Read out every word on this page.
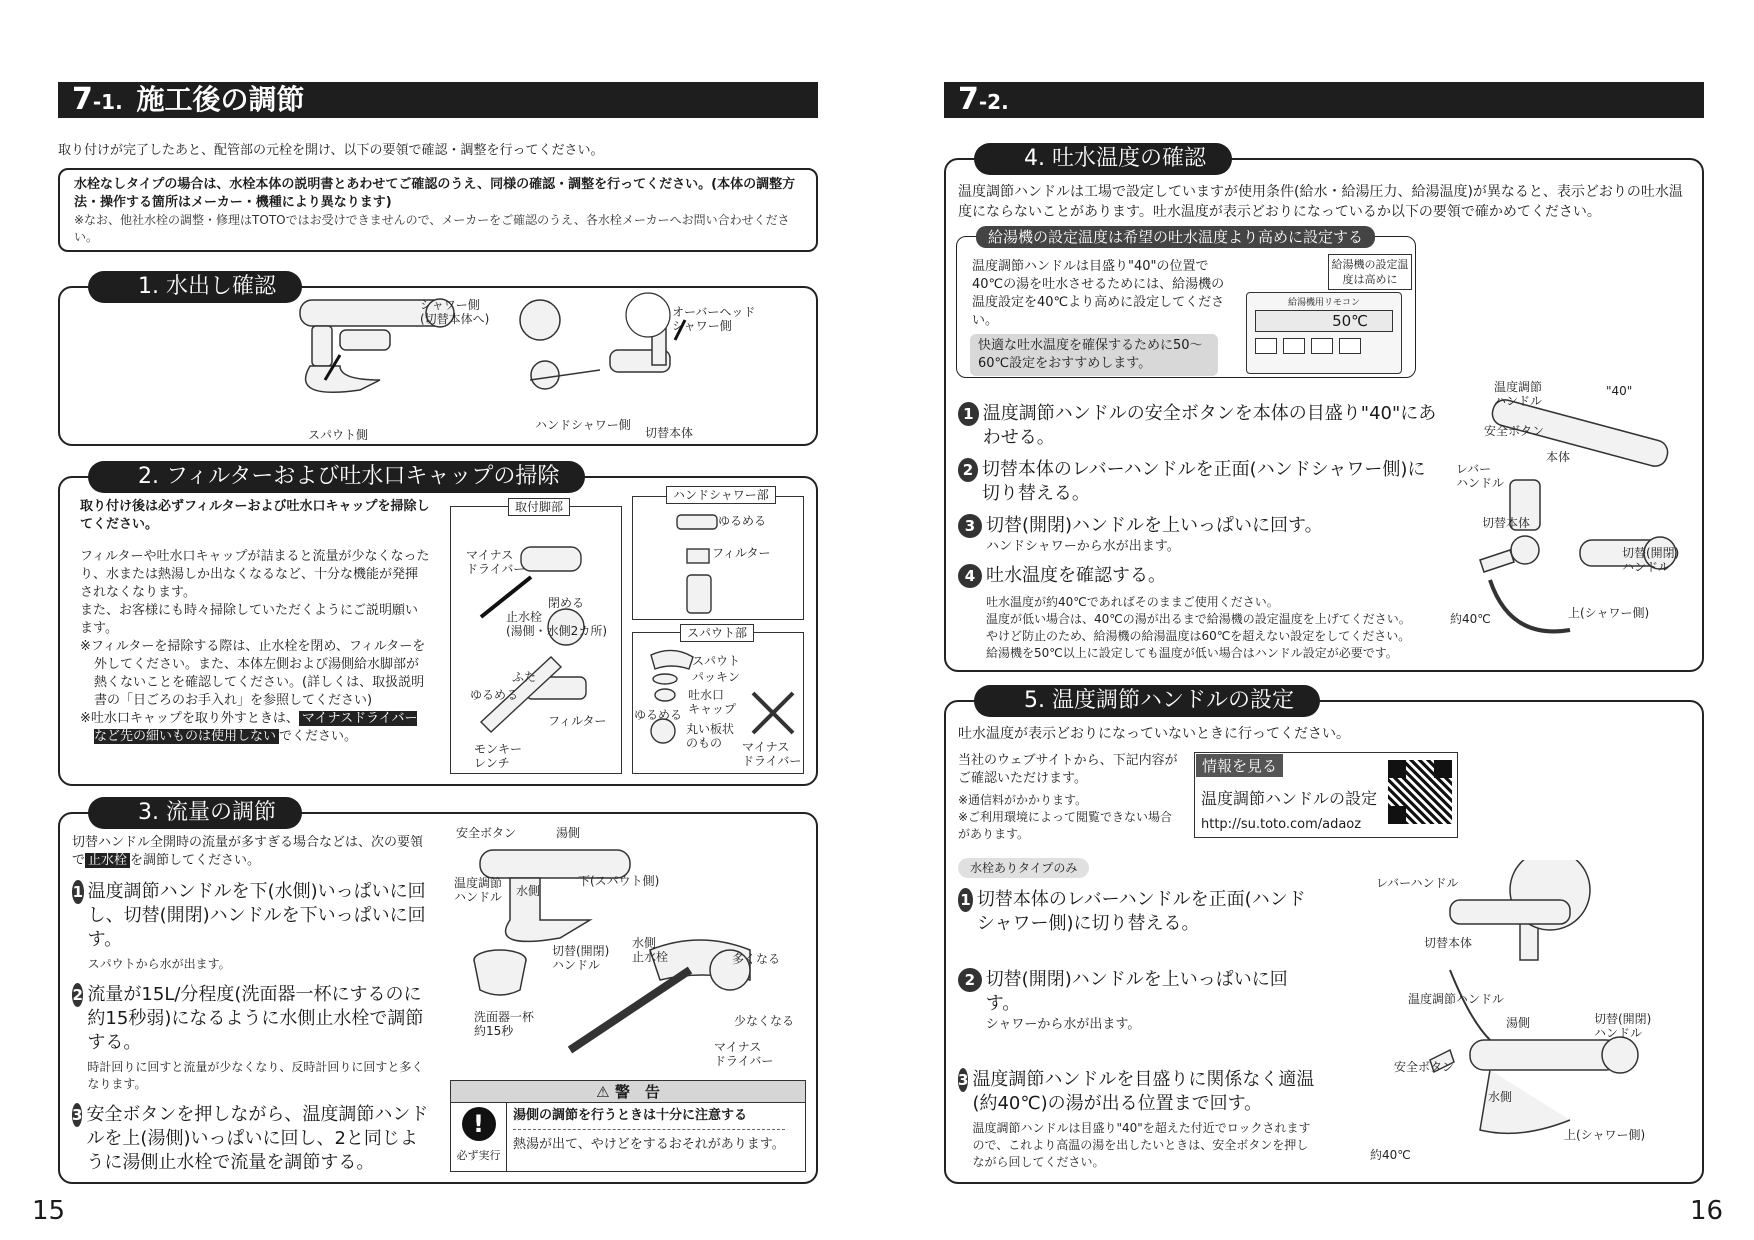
7-1. 施工後の調節
取り付けが完了したあと、配管部の元栓を開け、以下の要領で確認・調整を行ってください。
水栓なしタイプの場合は、水栓本体の説明書とあわせてご確認のうえ、同様の確認・調整を行ってください。(本体の調整方法・操作する箇所はメーカー・機種により異なります)
※なお、他社水栓の調整・修理はTOTOではお受けできませんので、メーカーをご確認のうえ、各水栓メーカーへお問い合わせください。
1. 水出し確認
シャワー側
(切替本体へ)
スパウト側
オーバーヘッド
シャワー側
ハンドシャワー側
切替本体
2. フィルターおよび吐水口キャップの掃除
取り付け後は必ずフィルターおよび吐水口キャップを掃除してください。
フィルターや吐水口キャップが詰まると流量が少なくなったり、水または熱湯しか出なくなるなど、十分な機能が発揮されなくなります。
また、お客様にも時々掃除していただくようにご説明願います。
※フィルターを掃除する際は、止水栓を閉め、フィルターを外してください。また、本体左側および湯側給水脚部が熱くないことを確認してください。(詳しくは、取扱説明書の「日ごろのお手入れ」を参照してください)
※吐水口キャップを取り外すときは、 マイナスドライバーなど先の細いものは使用しない でください。
取付脚部
マイナス
ドライバー
閉める
止水栓
(湯側・水側2カ所)
ふた
ゆるめる
フィルター
モンキー
レンチ
ハンドシャワー部
ゆるめる
フィルター
スパウト部
スパウト
パッキン
吐水口
キャップ
ゆるめる
丸い板状
のもの	マイナス
ドライバー
3. 流量の調節
切替ハンドル全開時の流量が多すぎる場合などは、次の要領で 止水栓 を調節してください。
1 温度調節ハンドルを下(水側)いっぱいに回し、切替(開閉)ハンドルを下いっぱいに回す。
スパウトから水が出ます。
2 流量が15L/分程度(洗面器一杯にするのに約15秒弱)になるように水側止水栓で調節する。
時計回りに回すと流量が少なくなり、反時計回りに回すと多くなります。
3 安全ボタンを押しながら、温度調節ハンドルを上(湯側)いっぱいに回し、2と同じように湯側止水栓で流量を調節する。
安全ボタン	湯側
温度調節
ハンドル 水側
下(スパウト側)
切替(開閉)
ハンドル
水側
止水栓	多くなる
少なくなる
洗面器一杯
約15秒
マイナス
ドライバー
⚠ 警　告
!
必ず実行
湯側の調節を行うときは十分に注意する
熱湯が出て、やけどをするおそれがあります。
15
7-2.
4. 吐水温度の確認
温度調節ハンドルは工場で設定していますが使用条件(給水・給湯圧力、給湯温度)が異なると、表示どおりの吐水温度にならないことがあります。吐水温度が表示どおりになっているか以下の要領で確かめてください。
給湯機の設定温度は希望の吐水温度より高めに設定する
温度調節ハンドルは目盛り"40"の位置で40℃の湯を吐水させるためには、給湯機の温度設定を40℃より高めに設定してください。
快適な吐水温度を確保するために50〜60℃設定をおすすめします。
給湯機の設定温度は高めに
給湯機用リモコン
50℃
1 温度調節ハンドルの安全ボタンを本体の目盛り"40"にあわせる。
2 切替本体のレバーハンドルを正面(ハンドシャワー側)に切り替える。
3 切替(開閉)ハンドルを上いっぱいに回す。
ハンドシャワーから水が出ます。
4 吐水温度を確認する。
吐水温度が約40℃であればそのままご使用ください。
温度が低い場合は、40℃の湯が出るまで給湯機の設定温度を上げてください。
やけど防止のため、給湯機の給湯温度は60℃を超えない設定をしてください。
給湯機を50℃以上に設定しても温度が低い場合はハンドル設定が必要です。
温度調節
ハンドル
"40"
安全ボタン
本体
レバー
ハンドル
切替本体
切替(開閉)
ハンドル
約40℃	上(シャワー側)
5. 温度調節ハンドルの設定
吐水温度が表示どおりになっていないときに行ってください。
当社のウェブサイトから、下記内容がご確認いただけます。
※通信料がかかります。
※ご利用環境によって閲覧できない場合があります。
情報を見る
温度調節ハンドルの設定
http://su.toto.com/adaoz
水栓ありタイプのみ
1 切替本体のレバーハンドルを正面(ハンドシャワー側)に切り替える。
2 切替(開閉)ハンドルを上いっぱいに回す。
シャワーから水が出ます。
3 温度調節ハンドルを目盛りに関係なく適温(約40℃)の湯が出る位置まで回す。
温度調節ハンドルは目盛り"40"を超えた付近でロックされますので、これより高温の湯を出したいときは、安全ボタンを押しながら回してください。
レバーハンドル
切替本体
温度調節ハンドル
湯側	切替(開閉)
ハンドル
安全ボタン
水側
約40℃
上(シャワー側)
16
